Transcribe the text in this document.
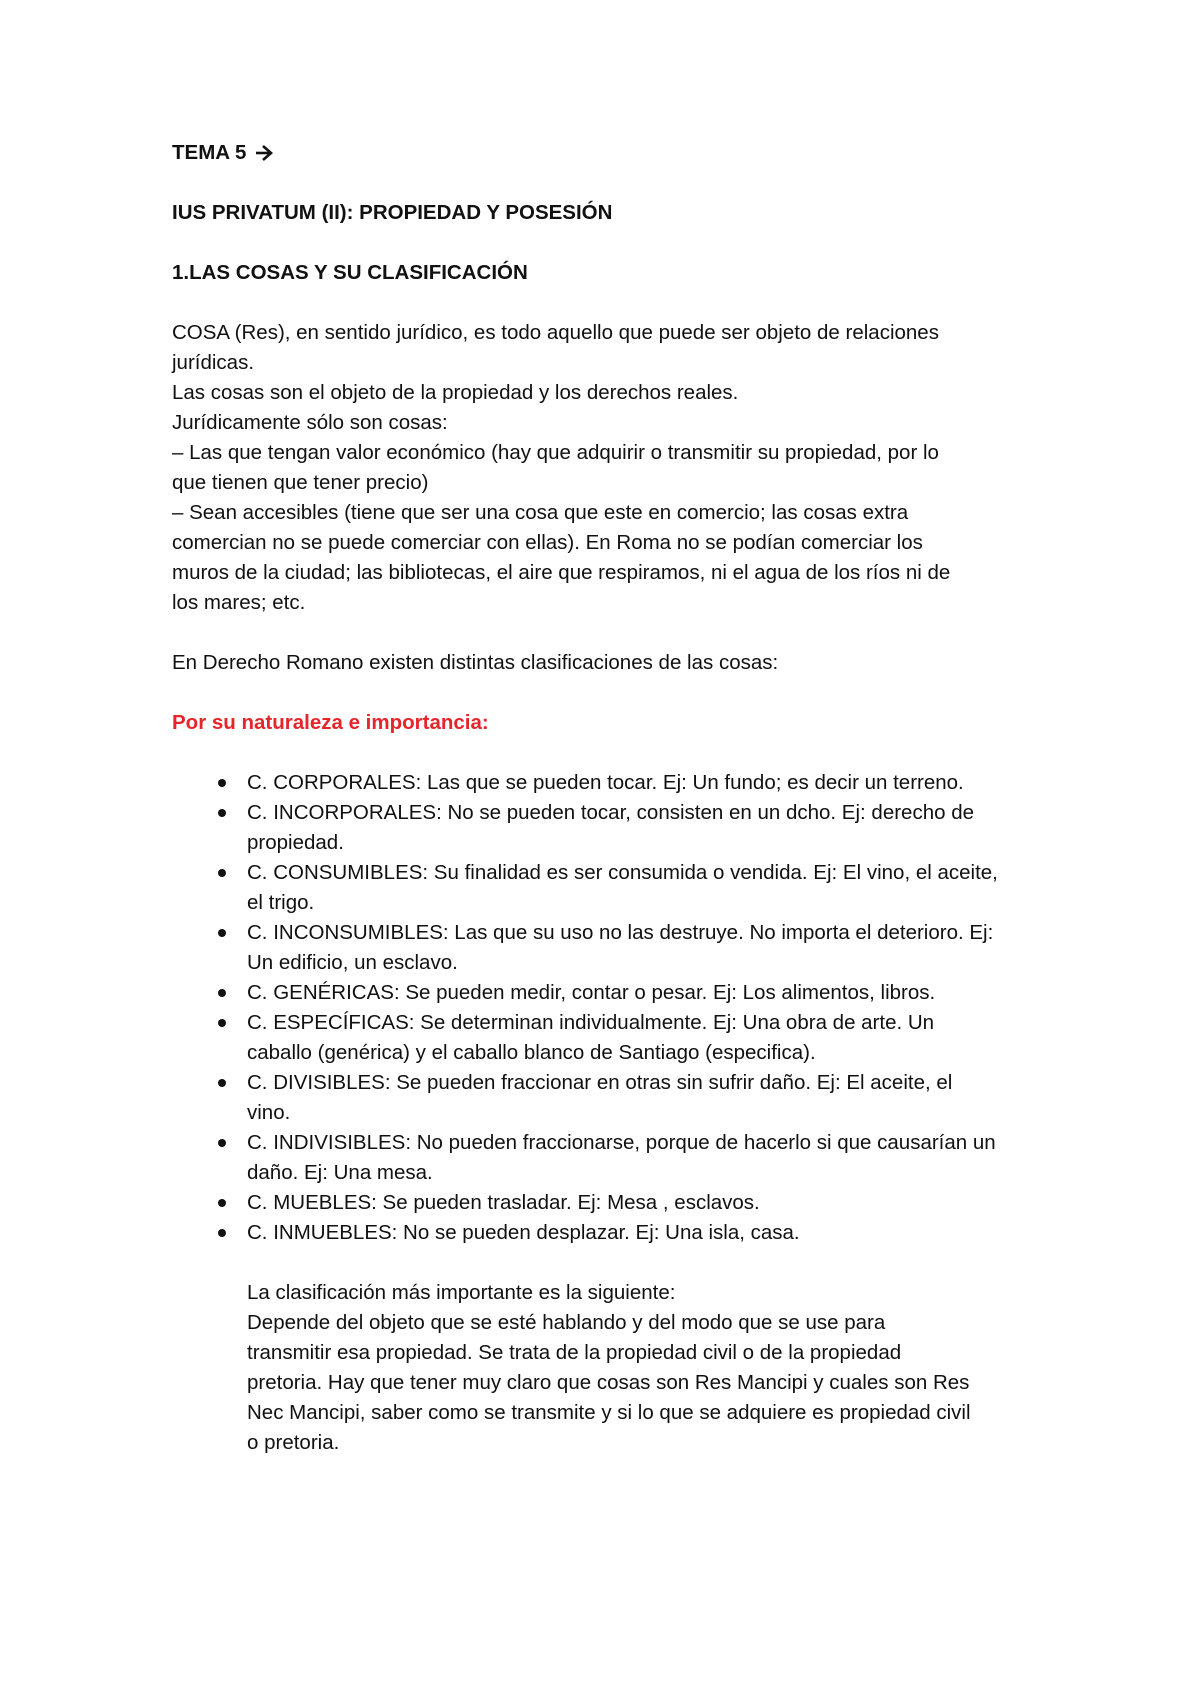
TEMA 5
IUS PRIVATUM (II): PROPIEDAD Y POSESIÓN
1.LAS COSAS Y SU CLASIFICACIÓN
COSA (Res), en sentido jurídico, es todo aquello que puede ser objeto de relaciones
jurídicas.
Las cosas son el objeto de la propiedad y los derechos reales.
Jurídicamente sólo son cosas:
– Las que tengan valor económico (hay que adquirir o transmitir su propiedad, por lo
que tienen que tener precio)
– Sean accesibles (tiene que ser una cosa que este en comercio; las cosas extra
comercian no se puede comerciar con ellas). En Roma no se podían comerciar los
muros de la ciudad; las bibliotecas, el aire que respiramos, ni el agua de los ríos ni de
los mares; etc.
En Derecho Romano existen distintas clasificaciones de las cosas:
Por su naturaleza e importancia:
C. CORPORALES: Las que se pueden tocar. Ej: Un fundo; es decir un terreno.
C. INCORPORALES: No se pueden tocar, consisten en un dcho. Ej: derecho de
propiedad.
C. CONSUMIBLES: Su finalidad es ser consumida o vendida. Ej: El vino, el aceite,
el trigo.
C. INCONSUMIBLES: Las que su uso no las destruye. No importa el deterioro. Ej:
Un edificio, un esclavo.
C. GENÉRICAS: Se pueden medir, contar o pesar. Ej: Los alimentos, libros.
C. ESPECÍFICAS: Se determinan individualmente. Ej: Una obra de arte. Un
caballo (genérica) y el caballo blanco de Santiago (especifica).
C. DIVISIBLES: Se pueden fraccionar en otras sin sufrir daño. Ej: El aceite, el
vino.
C. INDIVISIBLES: No pueden fraccionarse, porque de hacerlo si que causarían un
daño. Ej: Una mesa.
C. MUEBLES: Se pueden trasladar. Ej: Mesa , esclavos.
C. INMUEBLES: No se pueden desplazar. Ej: Una isla, casa.
La clasificación más importante es la siguiente:
Depende del objeto que se esté hablando y del modo que se use para
transmitir esa propiedad. Se trata de la propiedad civil o de la propiedad
pretoria. Hay que tener muy claro que cosas son Res Mancipi y cuales son Res
Nec Mancipi, saber como se transmite y si lo que se adquiere es propiedad civil
o pretoria.
